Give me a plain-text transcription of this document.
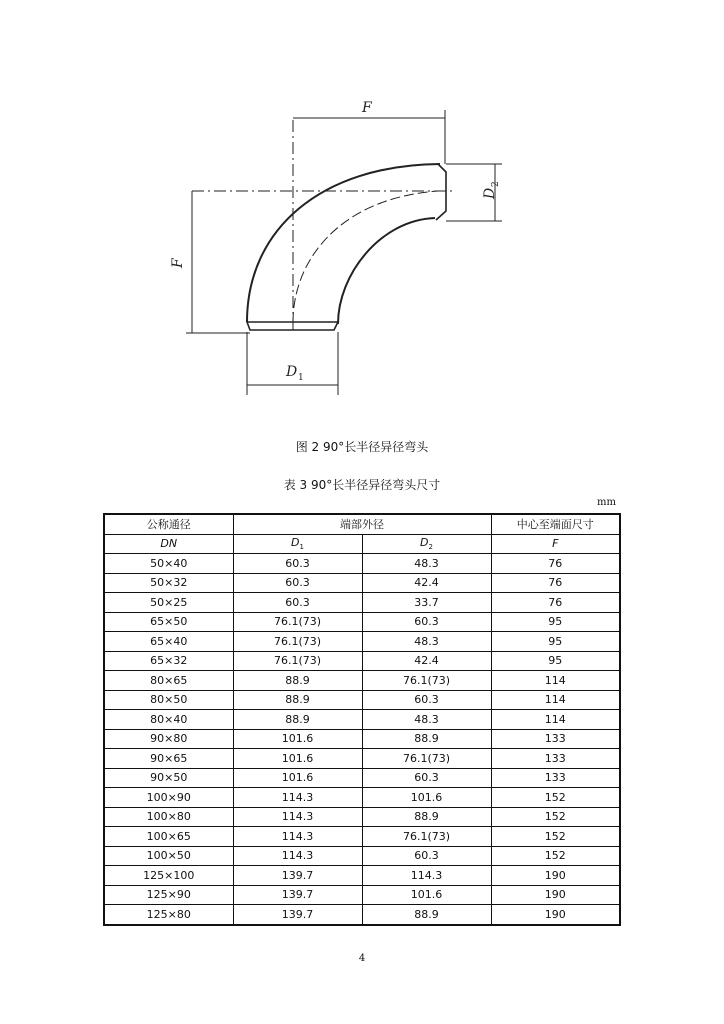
F
F
D 1
D
2
图 2 90°长半径异径弯头
表 3 90°长半径异径弯头尺寸
mm
公称通径	端部外径		中心至端面尺寸
DN	$D_1$	$D_2$	F
50×40	60.3	48.3	76
50×32	60.3	42.4	76
50×25	60.3	33.7	76
65×50	76.1(73)	60.3	95
65×40	76.1(73)	48.3	95
65×32	76.1(73)	42.4	95
80×65	88.9	76.1(73)	114
80×50	88.9	60.3	114
80×40	88.9	48.3	114
90×80	101.6	88.9	133
90×65	101.6	76.1(73)	133
90×50	101.6	60.3	133
100×90	114.3	101.6	152
100×80	114.3	88.9	152
100×65	114.3	76.1(73)	152
100×50	114.3	60.3	152
125×100	139.7	114.3	190
125×90	139.7	101.6	190
125×80	139.7	88.9	190
4
